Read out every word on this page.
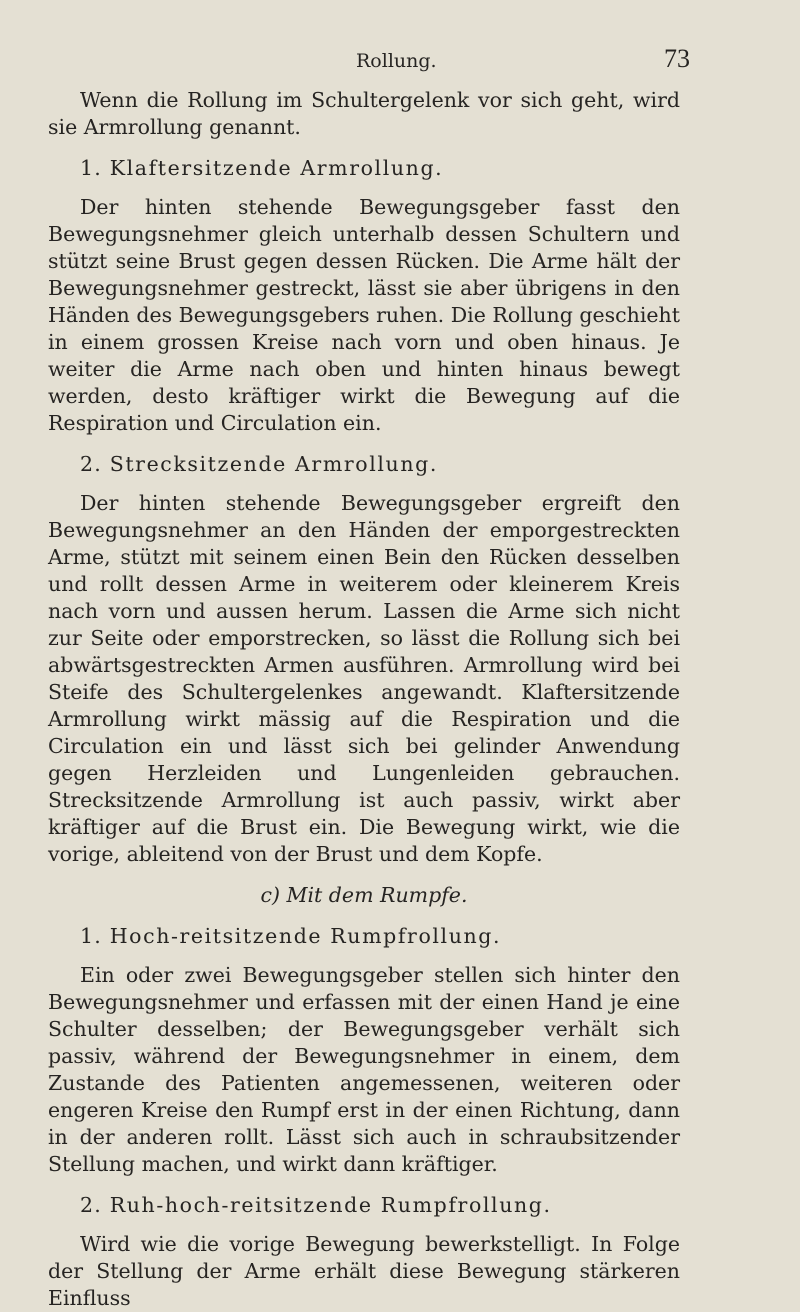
Rollung.	73

Wenn die Rollung im Schultergelenk vor sich geht, wird sie Armrollung genannt.

1. Klaftersitzende Armrollung.

Der hinten stehende Bewegungsgeber fasst den Bewegungsnehmer gleich unterhalb dessen Schultern und stützt seine Brust gegen dessen Rücken. Die Arme hält der Bewegungsnehmer gestreckt, lässt sie aber übrigens in den Händen des Bewegungsgebers ruhen. Die Rollung geschieht in einem grossen Kreise nach vorn und oben hinaus. Je weiter die Arme nach oben und hinten hinaus bewegt werden, desto kräftiger wirkt die Bewegung auf die Respiration und Circulation ein.

2. Strecksitzende Armrollung.

Der hinten stehende Bewegungsgeber ergreift den Bewegungsnehmer an den Händen der emporgestreckten Arme, stützt mit seinem einen Bein den Rücken desselben und rollt dessen Arme in weiterem oder kleinerem Kreis nach vorn und aussen herum. Lassen die Arme sich nicht zur Seite oder emporstrecken, so lässt die Rollung sich bei abwärtsgestreckten Armen ausführen. Armrollung wird bei Steife des Schultergelenkes angewandt. Klaftersitzende Armrollung wirkt mässig auf die Respiration und die Circulation ein und lässt sich bei gelinder Anwendung gegen Herzleiden und Lungenleiden gebrauchen. Strecksitzende Armrollung ist auch passiv, wirkt aber kräftiger auf die Brust ein. Die Bewegung wirkt, wie die vorige, ableitend von der Brust und dem Kopfe.

c) Mit dem Rumpfe.
1. Hoch-reitsitzende Rumpfrollung.

Ein oder zwei Bewegungsgeber stellen sich hinter den Bewegungsnehmer und erfassen mit der einen Hand je eine Schulter desselben; der Bewegungsgeber verhält sich passiv, während der Bewegungsnehmer in einem, dem Zustande des Patienten angemessenen, weiteren oder engeren Kreise den Rumpf erst in der einen Richtung, dann in der anderen rollt. Lässt sich auch in schraubsitzender Stellung machen, und wirkt dann kräftiger.

2. Ruh-hoch-reitsitzende Rumpfrollung.

Wird wie die vorige Bewegung bewerkstelligt. In Folge der Stellung der Arme erhält diese Bewegung stärkeren Einfluss
